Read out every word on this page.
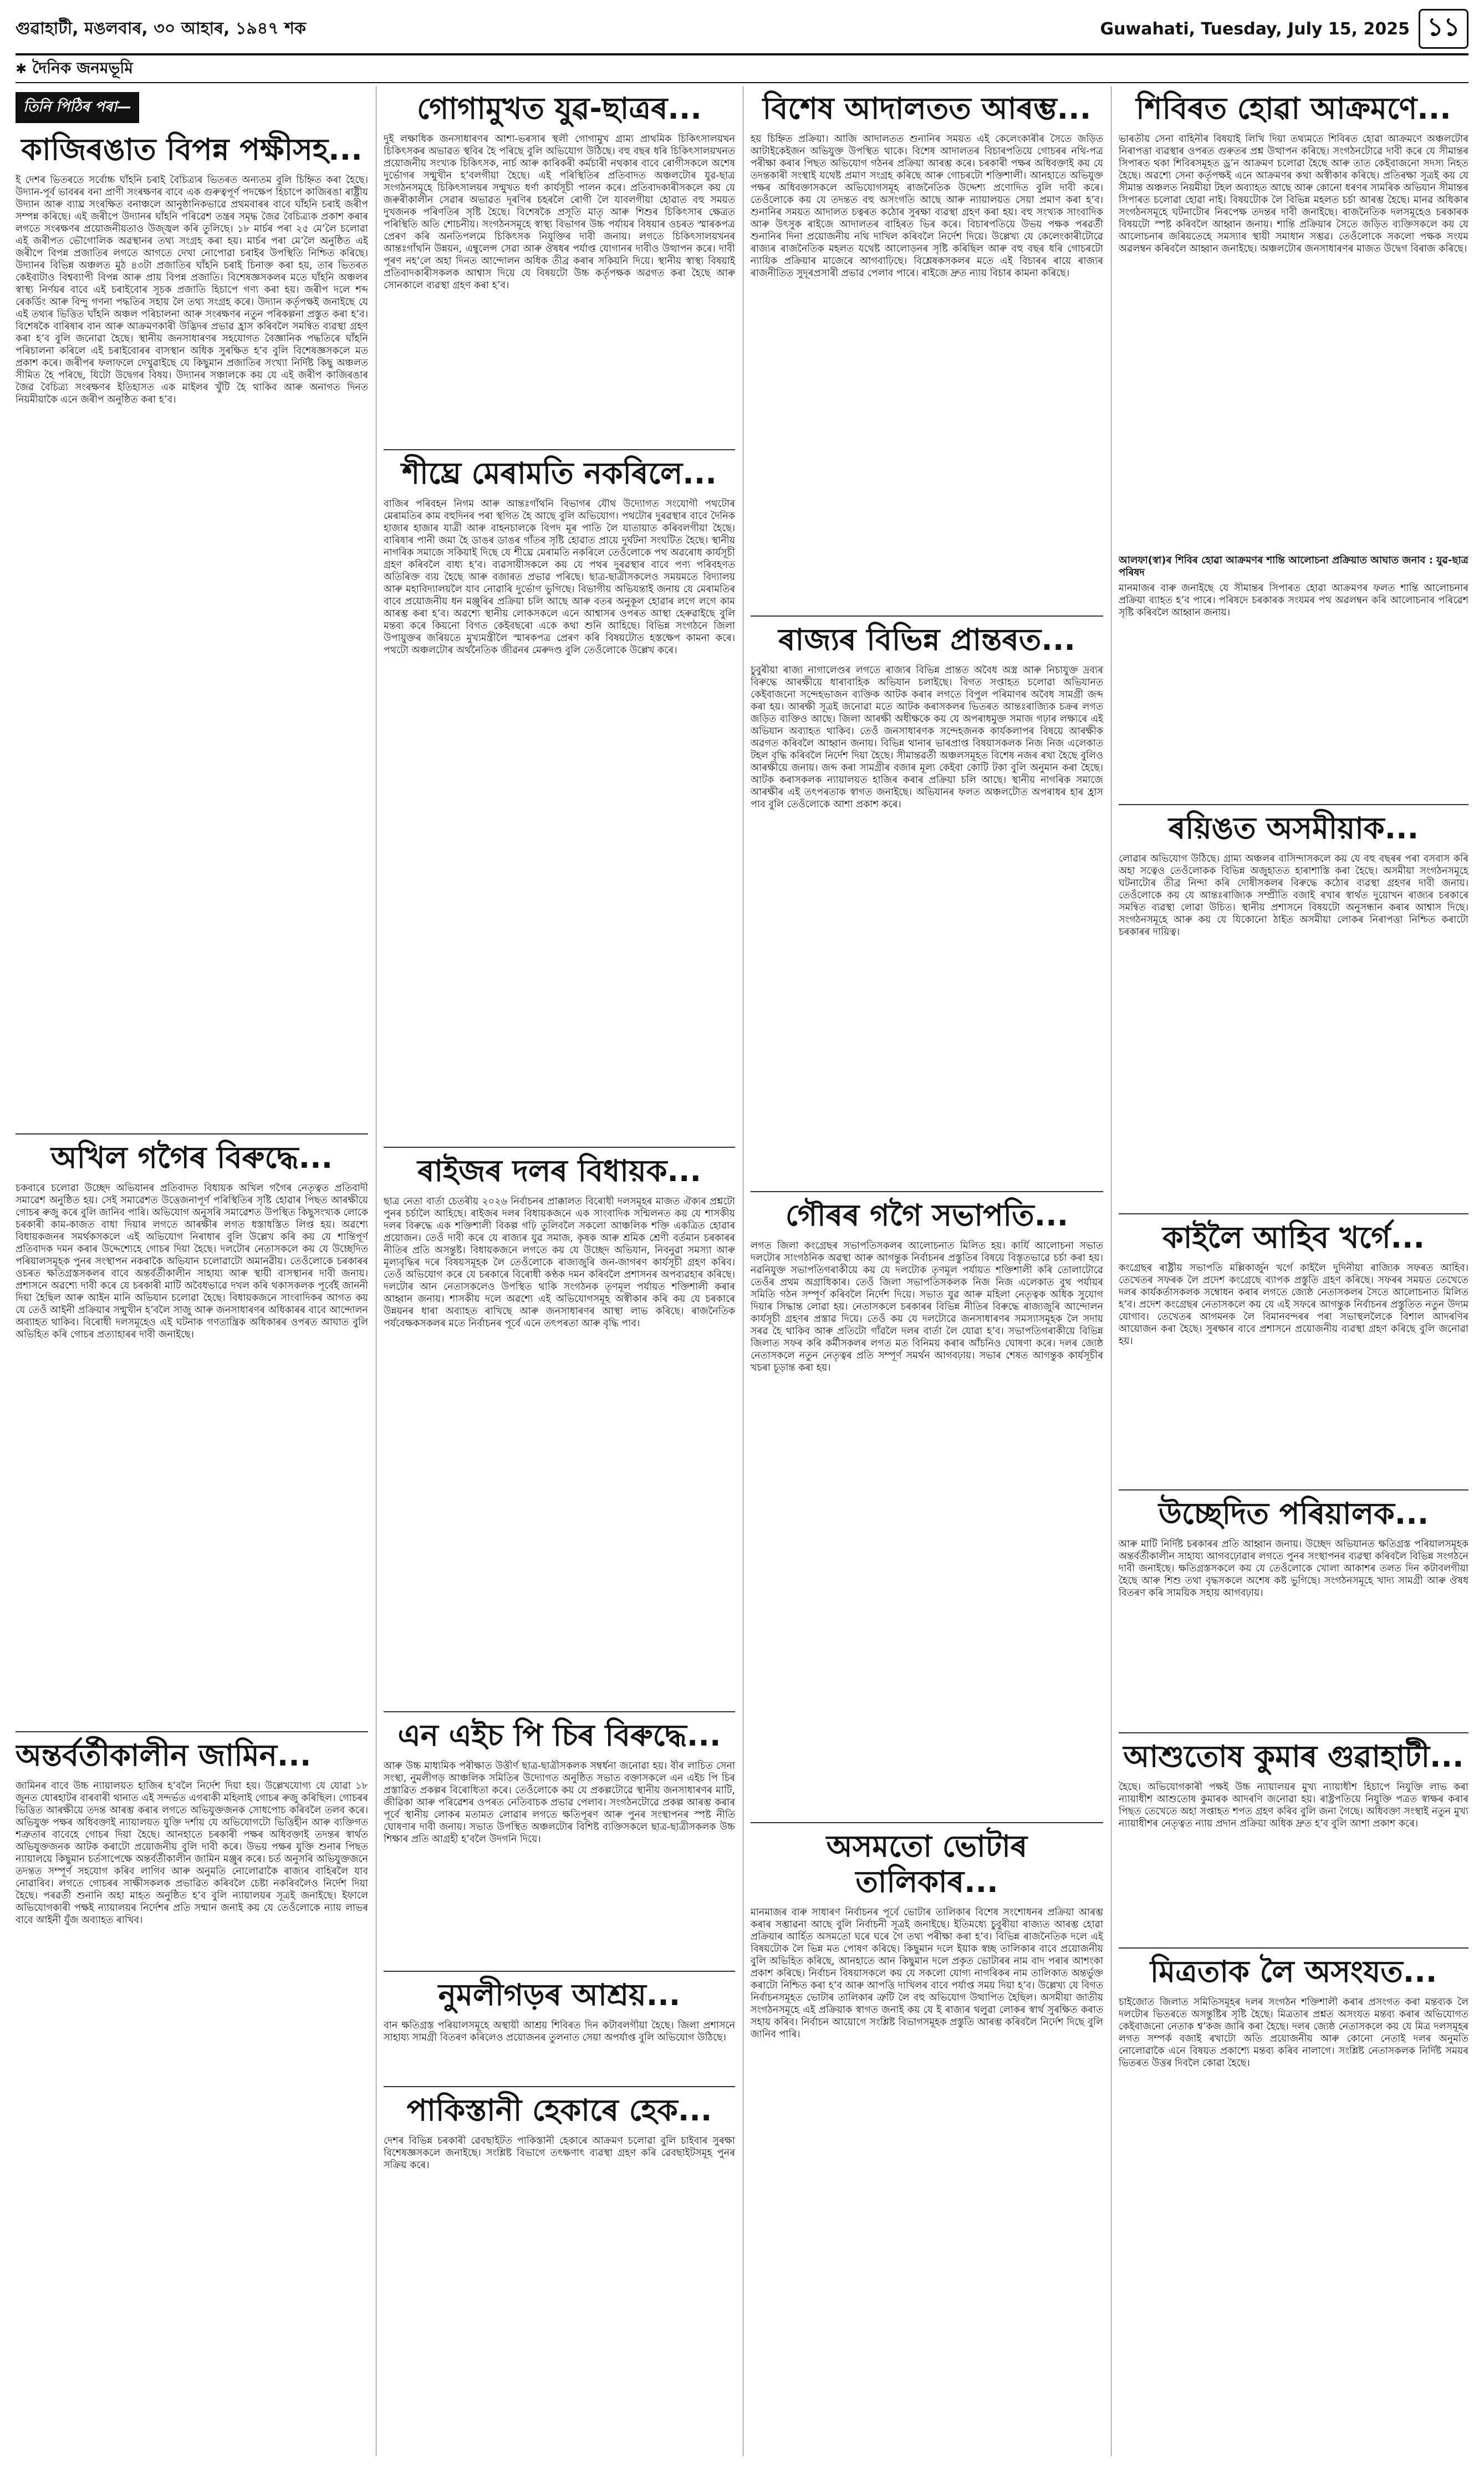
গুৱাহাটী, মঙলবাৰ, ৩০ আহাৰ, ১৯৪৭ শক	Guwahati, Tuesday, July 15, 2025 ১১
✱ দৈনিক জনমভূমি
তিনি পিঠিৰ পৰা—
কাজিৰঙাত বিপন্ন পক্ষীসহ...

ই দেশৰ ভিতৰতে সৰ্বোচ্চ ঘাঁহনি চৰাই বৈচিত্ৰ্যৰ ভিতৰত অন্যতম বুলি চিহ্নিত কৰা হৈছে। উদ্যান-পূৰ্ব ভাবৰৰ বনা প্ৰাণী সংৰক্ষণৰ বাবে এক গুৰুত্বপূৰ্ণ পদক্ষেপ হিচাপে কাজিৰঙা ৰাষ্ট্ৰীয় উদ্যান আৰু ব্যাঘ্ৰ সংৰক্ষিত বনাঞ্চলে আনুষ্ঠানিকভাৱে প্ৰথমবাৰৰ বাবে ঘাঁহনি চৰাই জৰীপ সম্পন্ন কৰিছে। এই জৰীপে উদ্যানৰ ঘাঁহনি পৰিৱেশ তন্ত্ৰৰ সমৃদ্ধ জৈৱ বৈচিত্ৰ্যক প্ৰকাশ কৰাৰ লগতে সংৰক্ষণৰ প্ৰয়োজনীয়তাও উজ্জ্বল কৰি তুলিছে। ১৮ মাৰ্চৰ পৰা ২৫ মে’লৈ চলোৱা এই জৰীপত ভৌগোলিক অৱস্থানৰ তথ্য সংগ্ৰহ কৰা হয়। মাৰ্চৰ পৰা মে’লৈ অনুষ্ঠিত এই জৰীপে বিপন্ন প্ৰজাতিৰ লগতে আগতে দেখা নোপোৱা চৰাইৰ উপস্থিতি নিশ্চিত কৰিছে। উদ্যানৰ বিভিন্ন অঞ্চলত মুঠ ৪৩টা প্ৰজাতিৰ ঘাঁহনি চৰাই চিনাক্ত কৰা হয়, তাৰ ভিতৰত কেইবাটাও বিশ্বব্যাপী বিপন্ন আৰু প্ৰায় বিপন্ন প্ৰজাতি। বিশেষজ্ঞসকলৰ মতে ঘাঁহনি অঞ্চলৰ স্বাস্থ্য নিৰ্ণয়ৰ বাবে এই চৰাইবোৰ সূচক প্ৰজাতি হিচাপে গণ্য কৰা হয়। জৰীপ দলে শব্দ ৰেকৰ্ডিং আৰু বিন্দু গণনা পদ্ধতিৰ সহায় লৈ তথ্য সংগ্ৰহ কৰে। উদ্যান কৰ্তৃপক্ষই জনাইছে যে এই তথ্যৰ ভিত্তিত ঘাঁহনি অঞ্চল পৰিচালনা আৰু সংৰক্ষণৰ নতুন পৰিকল্পনা প্ৰস্তুত কৰা হ’ব। বিশেষকৈ বাৰিষাৰ বান আৰু আক্ৰমণকাৰী উদ্ভিদৰ প্ৰভাৱ হ্ৰাস কৰিবলৈ সমন্বিত ব্যৱস্থা গ্ৰহণ কৰা হ’ব বুলি জনোৱা হৈছে। স্থানীয় জনসাধাৰণৰ সহযোগত বৈজ্ঞানিক পদ্ধতিৰে ঘাঁহনি পৰিচালনা কৰিলে এই চৰাইবোৰৰ বাসস্থান অধিক সুৰক্ষিত হ’ব বুলি বিশেষজ্ঞসকলে মত প্ৰকাশ কৰে। জৰীপৰ ফলাফলে দেখুৱাইছে যে কিছুমান প্ৰজাতিৰ সংখ্যা নিৰ্দিষ্ট কিছু অঞ্চলত সীমিত হৈ পৰিছে, যিটো উদ্বেগৰ বিষয়। উদ্যানৰ সঞ্চালকে কয় যে এই জৰীপ কাজিৰঙাৰ জৈৱ বৈচিত্ৰ্য সংৰক্ষণৰ ইতিহাসত এক মাইলৰ খুঁটি হৈ থাকিব আৰু অনাগত দিনত নিয়মীয়াকৈ এনে জৰীপ অনুষ্ঠিত কৰা হ’ব।

অখিল গগৈৰ বিৰুদ্ধে...

চকবাৰে চলোৱা উচ্ছেদ অভিযানৰ প্ৰতিবাদত বিধায়ক অখিল গগৈৰ নেতৃত্বত প্ৰতিবাদী সমাৱেশ অনুষ্ঠিত হয়। সেই সমাৱেশত উত্তেজনাপূৰ্ণ পৰিস্থিতিৰ সৃষ্টি হোৱাৰ পিছত আৰক্ষীয়ে গোচৰ ৰুজু কৰে বুলি জানিব পাৰি। অভিযোগ অনুসৰি সমাৱেশত উপস্থিত কিছুসংখ্যক লোকে চৰকাৰী কাম-কাজত বাধা দিয়াৰ লগতে আৰক্ষীৰ লগত ধস্তাধস্তিত লিপ্ত হয়। অৱশ্যে বিধায়কজনৰ সমৰ্থকসকলে এই অভিযোগ নিৰাধাৰ বুলি উল্লেখ কৰি কয় যে শান্তিপূৰ্ণ প্ৰতিবাদক দমন কৰাৰ উদ্দেশ্যেহে গোচৰ দিয়া হৈছে। দলটোৰ নেতাসকলে কয় যে উচ্ছেদিত পৰিয়ালসমূহক পুনৰ সংস্থাপন নকৰাকৈ অভিযান চলোৱাটো অমানৱীয়। তেওঁলোকে চৰকাৰৰ ওচৰত ক্ষতিগ্ৰস্তসকলৰ বাবে অন্তৰ্বৰ্তীকালীন সাহায্য আৰু স্থায়ী বাসস্থানৰ দাবী জনায়। প্ৰশাসনে অৱশ্যে দাবী কৰে যে চৰকাৰী মাটি অবৈধভাৱে দখল কৰি থকাসকলক পূৰ্বেই জাননী দিয়া হৈছিল আৰু আইন মানি অভিযান চলোৱা হৈছে। বিধায়কজনে সাংবাদিকৰ আগত কয় যে তেওঁ আইনী প্ৰক্ৰিয়াৰ সন্মুখীন হ’বলৈ সাজু আৰু জনসাধাৰণৰ অধিকাৰৰ বাবে আন্দোলন অব্যাহত থাকিব। বিৰোধী দলসমূহেও এই ঘটনাক গণতান্ত্ৰিক অধিকাৰৰ ওপৰত আঘাত বুলি অভিহিত কৰি গোচৰ প্ৰত্যাহাৰৰ দাবী জনাইছে।

অন্তৰ্বৰ্তীকালীন জামিন...

জামিনৰ বাবে উচ্চ ন্যায়ালয়ত হাজিৰ হ’বলৈ নিৰ্দেশ দিয়া হয়। উল্লেখযোগ্য যে যোৱা ১৮ জুনত যোৰহাটৰ বাৰবাৰী থানাত এই সন্দৰ্ভত এগৰাকী মহিলাই গোচৰ ৰুজু কৰিছিল। গোচৰৰ ভিত্তিত আৰক্ষীয়ে তদন্ত আৰম্ভ কৰাৰ লগতে অভিযুক্তজনক সোধপোচ কৰিবলৈ তলব কৰে। অভিযুক্ত পক্ষৰ অধিবক্তাই ন্যায়ালয়ত যুক্তি দৰ্শায় যে অভিযোগটো ভিত্তিহীন আৰু ব্যক্তিগত শত্ৰুতাৰ বাবেহে গোচৰ দিয়া হৈছে। আনহাতে চৰকাৰী পক্ষৰ অধিবক্তাই তদন্তৰ স্বাৰ্থত অভিযুক্তজনক আটক কৰাটো প্ৰয়োজনীয় বুলি দাবী কৰে। উভয় পক্ষৰ যুক্তি শুনাৰ পিছত ন্যায়ালয়ে কিছুমান চৰ্তসাপেক্ষে অন্তৰ্বৰ্তীকালীন জামিন মঞ্জুৰ কৰে। চৰ্ত অনুসৰি অভিযুক্তজনে তদন্তত সম্পূৰ্ণ সহযোগ কৰিব লাগিব আৰু অনুমতি নোলোৱাকৈ ৰাজ্যৰ বাহিৰলৈ যাব নোৱাৰিব। লগতে গোচৰৰ সাক্ষীসকলক প্ৰভাৱিত কৰিবলৈ চেষ্টা নকৰিবলৈও নিৰ্দেশ দিয়া হৈছে। পৰৱৰ্তী শুনানি অহা মাহত অনুষ্ঠিত হ’ব বুলি ন্যায়ালয়ৰ সূত্ৰই জনাইছে। ইফালে অভিযোগকাৰী পক্ষই ন্যায়ালয়ৰ নিৰ্দেশৰ প্ৰতি সন্মান জনাই কয় যে তেওঁলোকে ন্যায় লাভৰ বাবে আইনী যুঁজ অব্যাহত ৰাখিব।

গোগামুখত যুৱ-ছাত্ৰৰ...

দুই লক্ষাধিক জনসাধাৰণৰ আশা-ভৰসাৰ স্থলী গোগামুখ গ্ৰাম্য প্ৰাথমিক চিকিৎসালয়খন চিকিৎসকৰ অভাৱত স্থবিৰ হৈ পৰিছে বুলি অভিযোগ উঠিছে। বহু বছৰ ধৰি চিকিৎসালয়খনত প্ৰয়োজনীয় সংখ্যক চিকিৎসক, নাৰ্চ আৰু কাৰিকৰী কৰ্মচাৰী নথকাৰ বাবে ৰোগীসকলে অশেষ দুৰ্ভোগৰ সন্মুখীন হ’বলগীয়া হৈছে। এই পৰিস্থিতিৰ প্ৰতিবাদত অঞ্চলটোৰ যুৱ-ছাত্ৰ সংগঠনসমূহে চিকিৎসালয়ৰ সন্মুখত ধৰ্ণা কাৰ্যসূচী পালন কৰে। প্ৰতিবাদকাৰীসকলে কয় যে জৰুৰীকালীন সেৱাৰ অভাৱত দূৰণিৰ চহৰলৈ ৰোগী লৈ যাবলগীয়া হোৱাত বহু সময়ত দুখজনক পৰিণতিৰ সৃষ্টি হৈছে। বিশেষকৈ প্ৰসূতি মাতৃ আৰু শিশুৰ চিকিৎসাৰ ক্ষেত্ৰত পৰিস্থিতি অতি শোচনীয়। সংগঠনসমূহে স্বাস্থ্য বিভাগৰ উচ্চ পৰ্যায়ৰ বিষয়াৰ ওচৰত স্মাৰকপত্ৰ প্ৰেৰণ কৰি অনতিপলমে চিকিৎসক নিযুক্তিৰ দাবী জনায়। লগতে চিকিৎসালয়খনৰ আন্তঃগাঁথনি উন্নয়ন, এম্বুলেন্স সেৱা আৰু ঔষধৰ পৰ্যাপ্ত যোগানৰ দাবীও উত্থাপন কৰে। দাবী পূৰণ নহ’লে অহা দিনত আন্দোলন অধিক তীব্ৰ কৰাৰ সকিয়নি দিয়ে। স্থানীয় স্বাস্থ্য বিষয়াই প্ৰতিবাদকাৰীসকলক আশ্বাস দিয়ে যে বিষয়টো উচ্চ কৰ্তৃপক্ষক অৱগত কৰা হৈছে আৰু সোনকালে ব্যৱস্থা গ্ৰহণ কৰা হ’ব।

শীঘ্ৰে মেৰামতি নকৰিলে...

বাজিৰ পৰিবহন নিগম আৰু আন্তঃগাঁথনি বিভাগৰ যৌথ উদ্যোগত সংযোগী পথটোৰ মেৰামতিৰ কাম বহুদিনৰ পৰা স্থগিত হৈ আছে বুলি অভিযোগ। পথটোৰ দুৰৱস্থাৰ বাবে দৈনিক হাজাৰ হাজাৰ যাত্ৰী আৰু বাহনচালকে বিপদ মূৰ পাতি লৈ যাতায়াত কৰিবলগীয়া হৈছে। বাৰিষাৰ পানী জমা হৈ ডাঙৰ ডাঙৰ গাঁতৰ সৃষ্টি হোৱাত প্ৰায়ে দুৰ্ঘটনা সংঘটিত হৈছে। স্থানীয় নাগৰিক সমাজে সকিয়াই দিছে যে শীঘ্ৰে মেৰামতি নকৰিলে তেওঁলোকে পথ অৱৰোধ কাৰ্যসূচী গ্ৰহণ কৰিবলৈ বাধ্য হ’ব। ব্যৱসায়ীসকলে কয় যে পথৰ দুৰৱস্থাৰ বাবে পণ্য পৰিবহণত অতিৰিক্ত ব্যয় হৈছে আৰু বজাৰত প্ৰভাৱ পৰিছে। ছাত্ৰ-ছাত্ৰীসকলেও সময়মতে বিদ্যালয় আৰু মহাবিদ্যালয়লৈ যাব নোৱাৰি দুৰ্ভোগ ভুগিছে। বিভাগীয় অভিযন্তাই জনায় যে মেৰামতিৰ বাবে প্ৰয়োজনীয় ধন মঞ্জুৰিৰ প্ৰক্ৰিয়া চলি আছে আৰু বতৰ অনুকূল হোৱাৰ লগে লগে কাম আৰম্ভ কৰা হ’ব। অৱশ্যে স্থানীয় লোকসকলে এনে আশ্বাসৰ ওপৰত আস্থা হেৰুৱাইছে বুলি মন্তব্য কৰে কিয়নো বিগত কেইবছৰো একে কথা শুনি আহিছে। বিভিন্ন সংগঠনে জিলা উপায়ুক্তৰ জৰিয়তে মুখ্যমন্ত্ৰীলৈ স্মাৰকপত্ৰ প্ৰেৰণ কৰি বিষয়টোত হস্তক্ষেপ কামনা কৰে। পথটো অঞ্চলটোৰ অৰ্থনৈতিক জীৱনৰ মেৰুদণ্ড বুলি তেওঁলোকে উল্লেখ কৰে।

ৰাইজৰ দলৰ বিধায়ক...

ছাত্ৰ নেতা বাৰ্তা চেতৰীয় ২০২৬ নিৰ্বাচনৰ প্ৰাক্কালত বিৰোধী দলসমূহৰ মাজত ঐক্যৰ প্ৰশ্নটো পুনৰ চৰ্চালৈ আহিছে। ৰাইজৰ দলৰ বিধায়কজনে এক সাংবাদিক সন্মিলনত কয় যে শাসকীয় দলৰ বিৰুদ্ধে এক শক্তিশালী বিকল্প গঢ়ি তুলিবলৈ সকলো আঞ্চলিক শক্তি একত্ৰিত হোৱাৰ প্ৰয়োজন। তেওঁ দাবী কৰে যে ৰাজ্যৰ যুৱ সমাজ, কৃষক আৰু শ্ৰমিক শ্ৰেণী বৰ্তমান চৰকাৰৰ নীতিৰ প্ৰতি অসন্তুষ্ট। বিধায়কজনে লগতে কয় যে উচ্ছেদ অভিযান, নিবনুৱা সমস্যা আৰু মূল্যবৃদ্ধিৰ দৰে বিষয়সমূহক লৈ তেওঁলোকে ৰাজ্যজুৰি জন-জাগৰণ কাৰ্যসূচী গ্ৰহণ কৰিব। তেওঁ অভিযোগ কৰে যে চৰকাৰে বিৰোধী কণ্ঠক দমন কৰিবলৈ প্ৰশাসনৰ অপব্যৱহাৰ কৰিছে। দলটোৰ আন নেতাসকলেও উপস্থিত থাকি সংগঠনক তৃণমূল পৰ্যায়ত শক্তিশালী কৰাৰ আহ্বান জনায়। শাসকীয় দলে অৱশ্যে এই অভিযোগসমূহ অস্বীকাৰ কৰি কয় যে চৰকাৰে উন্নয়নৰ ধাৰা অব্যাহত ৰাখিছে আৰু জনসাধাৰণৰ আস্থা লাভ কৰিছে। ৰাজনৈতিক পৰ্যবেক্ষকসকলৰ মতে নিৰ্বাচনৰ পূৰ্বে এনে তৎপৰতা আৰু বৃদ্ধি পাব।

এন এইচ পি চিৰ বিৰুদ্ধে...

আৰু উচ্চ মাধ্যমিক পৰীক্ষাত উত্তীৰ্ণ ছাত্ৰ-ছাত্ৰীসকলক সম্বৰ্ধনা জনোৱা হয়। বীৰ লাচিত সেনা সংস্থা, নুমলীগড় আঞ্চলিক সমিতিৰ উদ্যোগত অনুষ্ঠিত সভাত বক্তাসকলে এন এইচ পি চিৰ প্ৰস্তাৱিত প্ৰকল্পৰ বিৰোধিতা কৰে। তেওঁলোকে কয় যে প্ৰকল্পটোৱে স্থানীয় জনসাধাৰণৰ মাটি, জীৱিকা আৰু পৰিৱেশৰ ওপৰত নেতিবাচক প্ৰভাৱ পেলাব। সংগঠনটোৱে প্ৰকল্প আৰম্ভ কৰাৰ পূৰ্বে স্থানীয় লোকৰ মতামত লোৱাৰ লগতে ক্ষতিপূৰণ আৰু পুনৰ সংস্থাপনৰ স্পষ্ট নীতি ঘোষণাৰ দাবী জনায়। সভাত উপস্থিত অঞ্চলটোৰ বিশিষ্ট ব্যক্তিসকলে ছাত্ৰ-ছাত্ৰীসকলক উচ্চ শিক্ষাৰ প্ৰতি আগ্ৰহী হ’বলৈ উদগনি দিয়ে।

নুমলীগড়ৰ আশ্ৰয়...

বান ক্ষতিগ্ৰস্ত পৰিয়ালসমূহে অস্থায়ী আশ্ৰয় শিবিৰত দিন কটাবলগীয়া হৈছে। জিলা প্ৰশাসনে সাহায্য সামগ্ৰী বিতৰণ কৰিলেও প্ৰয়োজনৰ তুলনাত সেয়া অপৰ্যাপ্ত বুলি অভিযোগ উঠিছে।

পাকিস্তানী হেকাৰে হেক...

দেশৰ বিভিন্ন চৰকাৰী ৱেবছাইটত পাকিস্তানী হেকাৰে আক্ৰমণ চলোৱা বুলি চাইবাৰ সুৰক্ষা বিশেষজ্ঞসকলে জনাইছে। সংশ্লিষ্ট বিভাগে তৎক্ষণাৎ ব্যৱস্থা গ্ৰহণ কৰি ৱেবছাইটসমূহ পুনৰ সক্ৰিয় কৰে।

বিশেষ আদালতত আৰম্ভ...

হয় চিহ্নিত প্ৰক্ৰিয়া। আজি আদালতত শুনানিৰ সময়ত এই কেলেংকাৰীৰ সৈতে জড়িত আটাইকেইজন অভিযুক্ত উপস্থিত থাকে। বিশেষ আদালতৰ বিচাৰপতিয়ে গোচৰৰ নথি-পত্ৰ পৰীক্ষা কৰাৰ পিছত অভিযোগ গঠনৰ প্ৰক্ৰিয়া আৰম্ভ কৰে। চৰকাৰী পক্ষৰ অধিবক্তাই কয় যে তদন্তকাৰী সংস্থাই যথেষ্ট প্ৰমাণ সংগ্ৰহ কৰিছে আৰু গোচৰটো শক্তিশালী। আনহাতে অভিযুক্ত পক্ষৰ অধিবক্তাসকলে অভিযোগসমূহ ৰাজনৈতিক উদ্দেশ্য প্ৰণোদিত বুলি দাবী কৰে। তেওঁলোকে কয় যে তদন্তত বহু অসংগতি আছে আৰু ন্যায়ালয়ত সেয়া প্ৰমাণ কৰা হ’ব। শুনানিৰ সময়ত আদালত চত্বৰত কঠোৰ সুৰক্ষা ব্যৱস্থা গ্ৰহণ কৰা হয়। বহু সংখ্যক সাংবাদিক আৰু উৎসুক ৰাইজে আদালতৰ বাহিৰত ভিৰ কৰে। বিচাৰপতিয়ে উভয় পক্ষক পৰৱৰ্তী শুনানিৰ দিনা প্ৰয়োজনীয় নথি দাখিল কৰিবলৈ নিৰ্দেশ দিয়ে। উল্লেখ্য যে কেলেংকাৰীটোৱে ৰাজ্যৰ ৰাজনৈতিক মহলত যথেষ্ট আলোড়নৰ সৃষ্টি কৰিছিল আৰু বহু বছৰ ধৰি গোচৰটো ন্যায়িক প্ৰক্ৰিয়াৰ মাজেৰে আগবাঢ়িছে। বিশ্লেষকসকলৰ মতে এই বিচাৰৰ ৰায়ে ৰাজ্যৰ ৰাজনীতিত সুদূৰপ্ৰসাৰী প্ৰভাৱ পেলাব পাৰে। ৰাইজে দ্ৰুত ন্যায় বিচাৰ কামনা কৰিছে।

ৰাজ্যৰ বিভিন্ন প্ৰান্তৰত...

চুবুৰীয়া ৰাজ্য নাগালেণ্ডৰ লগতে ৰাজ্যৰ বিভিন্ন প্ৰান্তত অবৈধ অস্ত্ৰ আৰু নিচাযুক্ত দ্ৰব্যৰ বিৰুদ্ধে আৰক্ষীয়ে ধাৰাবাহিক অভিযান চলাইছে। বিগত সপ্তাহত চলোৱা অভিযানত কেইবাজনো সন্দেহভাজন ব্যক্তিক আটক কৰাৰ লগতে বিপুল পৰিমাণৰ অবৈধ সামগ্ৰী জব্দ কৰা হয়। আৰক্ষী সূত্ৰই জনোৱা মতে আটক কৰাসকলৰ ভিতৰত আন্তঃৰাজ্যিক চক্ৰৰ লগত জড়িত ব্যক্তিও আছে। জিলা আৰক্ষী অধীক্ষকে কয় যে অপৰাধমুক্ত সমাজ গঢ়াৰ লক্ষ্যৰে এই অভিযান অব্যাহত থাকিব। তেওঁ জনসাধাৰণক সন্দেহজনক কাৰ্যকলাপৰ বিষয়ে আৰক্ষীক অৱগত কৰিবলৈ আহ্বান জনায়। বিভিন্ন থানাৰ ভাৰপ্ৰাপ্ত বিষয়াসকলক নিজ নিজ এলেকাত টহল বৃদ্ধি কৰিবলৈ নিৰ্দেশ দিয়া হৈছে। সীমান্তৱৰ্তী অঞ্চলসমূহত বিশেষ নজৰ ৰখা হৈছে বুলিও আৰক্ষীয়ে জনায়। জব্দ কৰা সামগ্ৰীৰ বজাৰ মূল্য কেইবা কোটি টকা বুলি অনুমান কৰা হৈছে। আটক কৰাসকলক ন্যায়ালয়ত হাজিৰ কৰাৰ প্ৰক্ৰিয়া চলি আছে। স্থানীয় নাগৰিক সমাজে আৰক্ষীৰ এই তৎপৰতাক স্বাগত জনাইছে। অভিযানৰ ফলত অঞ্চলটোত অপৰাধৰ হাৰ হ্ৰাস পাব বুলি তেওঁলোকে আশা প্ৰকাশ কৰে।

গৌৰৰ গগৈ সভাপতি...

লগত জিলা কংগ্ৰেছৰ সভাপতিসকলৰ আলোচনাত মিলিত হয়। কাৰ্যি আলোচনা সভাত দলটোৰ সাংগঠনিক অৱস্থা আৰু আগন্তুক নিৰ্বাচনৰ প্ৰস্তুতিৰ বিষয়ে বিস্তৃতভাৱে চৰ্চা কৰা হয়। নৱনিযুক্ত সভাপতিগৰাকীয়ে কয় যে দলটোক তৃণমূল পৰ্যায়ত শক্তিশালী কৰি তোলাটোৱে তেওঁৰ প্ৰথম অগ্ৰাধিকাৰ। তেওঁ জিলা সভাপতিসকলক নিজ নিজ এলেকাত বুথ পৰ্যায়ৰ সমিতি গঠন সম্পূৰ্ণ কৰিবলৈ নিৰ্দেশ দিয়ে। সভাত যুৱ আৰু মহিলা নেতৃত্বক অধিক সুযোগ দিয়াৰ সিদ্ধান্ত লোৱা হয়। নেতাসকলে চৰকাৰৰ বিভিন্ন নীতিৰ বিৰুদ্ধে ৰাজ্যজুৰি আন্দোলন কাৰ্যসূচী গ্ৰহণৰ প্ৰস্তাৱ দিয়ে। তেওঁ কয় যে দলটোৱে জনসাধাৰণৰ সমস্যাসমূহক লৈ সদায় সৰৱ হৈ থাকিব আৰু প্ৰতিটো গাঁৱলৈ দলৰ বাৰ্তা লৈ যোৱা হ’ব। সভাপতিগৰাকীয়ে বিভিন্ন জিলাত সফৰ কৰি কৰ্মীসকলৰ লগত মত বিনিময় কৰাৰ আঁচনিও ঘোষণা কৰে। দলৰ জ্যেষ্ঠ নেতাসকলে নতুন নেতৃত্বৰ প্ৰতি সম্পূৰ্ণ সমৰ্থন আগবঢ়ায়। সভাৰ শেষত আগন্তুক কাৰ্যসূচীৰ খচৰা চূড়ান্ত কৰা হয়।

অসমতো ভোটাৰ তালিকাৰ...

মানমাজৰ বাৰু সাধাৰণ নিৰ্বাচনৰ পূৰ্বে ভোটাৰ তালিকাৰ বিশেষ সংশোধনৰ প্ৰক্ৰিয়া আৰম্ভ কৰাৰ সম্ভাৱনা আছে বুলি নিৰ্বাচনী সূত্ৰই জনাইছে। ইতিমধ্যে চুবুৰীয়া ৰাজ্যত আৰম্ভ হোৱা প্ৰক্ৰিয়াৰ আৰ্হিত অসমতো ঘৰে ঘৰে গৈ তথ্য পৰীক্ষা কৰা হ’ব। বিভিন্ন ৰাজনৈতিক দলে এই বিষয়টোক লৈ ভিন্ন মত পোষণ কৰিছে। কিছুমান দলে ইয়াক স্বচ্ছ তালিকাৰ বাবে প্ৰয়োজনীয় বুলি অভিহিত কৰিছে, আনহাতে আন কিছুমান দলে প্ৰকৃত ভোটাৰৰ নাম বাদ পৰাৰ আশংকা প্ৰকাশ কৰিছে। নিৰ্বাচন বিষয়াসকলে কয় যে সকলো যোগ্য নাগৰিকৰ নাম তালিকাত অন্তৰ্ভুক্ত কৰাটো নিশ্চিত কৰা হ’ব আৰু আপত্তি দাখিলৰ বাবে পৰ্যাপ্ত সময় দিয়া হ’ব। উল্লেখ্য যে বিগত নিৰ্বাচনসমূহত ভোটাৰ তালিকাৰ ত্ৰুটি লৈ বহু অভিযোগ উত্থাপিত হৈছিল। অসমীয়া জাতীয় সংগঠনসমূহে এই প্ৰক্ৰিয়াক স্বাগত জনাই কয় যে ই ৰাজ্যৰ থলুৱা লোকৰ স্বাৰ্থ সুৰক্ষিত কৰাত সহায় কৰিব। নিৰ্বাচন আয়োগে সংশ্লিষ্ট বিভাগসমূহক প্ৰস্তুতি আৰম্ভ কৰিবলৈ নিৰ্দেশ দিছে বুলি জানিব পাৰি।

শিবিৰত হোৱা আক্ৰমণে...

ভাৰতীয় সেনা বাহিনীৰ বিষয়াই লিখি দিয়া তথ্যমতে শিবিৰত হোৱা আক্ৰমণে অঞ্চলটোৰ নিৰাপত্তা ব্যৱস্থাৰ ওপৰত গুৰুতৰ প্ৰশ্ন উত্থাপন কৰিছে। সংগঠনটোৱে দাবী কৰে যে সীমান্তৰ সিপাৰত থকা শিবিৰসমূহত ড্ৰ’ন আক্ৰমণ চলোৱা হৈছে আৰু তাত কেইবাজনো সদস্য নিহত হৈছে। অৱশ্যে সেনা কৰ্তৃপক্ষই এনে আক্ৰমণৰ কথা অস্বীকাৰ কৰিছে। প্ৰতিৰক্ষা সূত্ৰই কয় যে সীমান্ত অঞ্চলত নিয়মীয়া টহল অব্যাহত আছে আৰু কোনো ধৰণৰ সামৰিক অভিযান সীমান্তৰ সিপাৰত চলোৱা হোৱা নাই। বিষয়টোক লৈ বিভিন্ন মহলত চৰ্চা আৰম্ভ হৈছে। মানৱ অধিকাৰ সংগঠনসমূহে ঘটনাটোৰ নিৰপেক্ষ তদন্তৰ দাবী জনাইছে। ৰাজনৈতিক দলসমূহেও চৰকাৰক বিষয়টো স্পষ্ট কৰিবলৈ আহ্বান জনায়। শান্তি প্ৰক্ৰিয়াৰ সৈতে জড়িত ব্যক্তিসকলে কয় যে আলোচনাৰ জৰিয়তেহে সমস্যাৰ স্থায়ী সমাধান সম্ভৱ। তেওঁলোকে সকলো পক্ষক সংযম অৱলম্বন কৰিবলৈ আহ্বান জনাইছে। অঞ্চলটোৰ জনসাধাৰণৰ মাজত উদ্বেগ বিৰাজ কৰিছে।

আলফা(স্বা)ৰ শিবিৰ হোৱা আক্ৰমণৰ শান্তি আলোচনা প্ৰক্ৰিয়াত আঘাত জনাব : যুৱ-ছাত্ৰ পৰিষদ

মানমাজৰ বাৰু জনাইছে যে সীমান্তৰ সিপাৰত হোৱা আক্ৰমণৰ ফলত শান্তি আলোচনাৰ প্ৰক্ৰিয়া ব্যাহত হ’ব পাৰে। পৰিষদে চৰকাৰক সংযমৰ পথ অৱলম্বন কৰি আলোচনাৰ পৰিৱেশ সৃষ্টি কৰিবলৈ আহ্বান জনায়।

ৰয়িঙত অসমীয়াক...

লোৱাৰ অভিযোগ উঠিছে। গ্ৰাম্য অঞ্চলৰ বাসিন্দাসকলে কয় যে বহু বছৰৰ পৰা বসবাস কৰি অহা সত্বেও তেওঁলোকক বিভিন্ন অজুহাতত হাৰাশাস্তি কৰা হৈছে। অসমীয়া সংগঠনসমূহে ঘটনাটোৰ তীব্ৰ নিন্দা কৰি দোষীসকলৰ বিৰুদ্ধে কঠোৰ ব্যৱস্থা গ্ৰহণৰ দাবী জনায়। তেওঁলোকে কয় যে আন্তঃৰাজ্যিক সম্প্ৰীতি বজাই ৰখাৰ স্বাৰ্থত দুয়োখন ৰাজ্যৰ চৰকাৰে সমন্বিত ব্যৱস্থা লোৱা উচিত। স্থানীয় প্ৰশাসনে বিষয়টো অনুসন্ধান কৰাৰ আশ্বাস দিছে। সংগঠনসমূহে আৰু কয় যে যিকোনো ঠাইত অসমীয়া লোকৰ নিৰাপত্তা নিশ্চিত কৰাটো চৰকাৰৰ দায়িত্ব।

কাইলৈ আহিব খৰ্গে...

কংগ্ৰেছৰ ৰাষ্ট্ৰীয় সভাপতি মল্লিকাৰ্জুন খৰ্গে কাইলৈ দুদিনীয়া ৰাজ্যিক সফৰত আহিব। তেখেতৰ সফৰক লৈ প্ৰদেশ কংগ্ৰেছে ব্যাপক প্ৰস্তুতি গ্ৰহণ কৰিছে। সফৰৰ সময়ত তেখেতে দলৰ কাৰ্যকৰ্তাসকলক সম্বোধন কৰাৰ লগতে জ্যেষ্ঠ নেতাসকলৰ সৈতে আলোচনাত মিলিত হ’ব। প্ৰদেশ কংগ্ৰেছৰ নেতাসকলে কয় যে এই সফৰে আগন্তুক নিৰ্বাচনৰ প্ৰস্তুতিত নতুন উদ্যম যোগাব। তেখেতৰ আগমনক লৈ বিমানবন্দৰৰ পৰা সভাস্থললৈকে বিশাল আদৰণিৰ আয়োজন কৰা হৈছে। সুৰক্ষাৰ বাবে প্ৰশাসনে প্ৰয়োজনীয় ব্যৱস্থা গ্ৰহণ কৰিছে বুলি জনোৱা হয়।

উচ্ছেদিত পৰিয়ালক...

আৰু মাটি নিৰ্দিষ্ট চৰকাৰৰ প্ৰতি আহ্বান জনায়। উচ্ছেদ অভিযানত ক্ষতিগ্ৰস্ত পৰিয়ালসমূহক অন্তৰ্বৰ্তীকালীন সাহায্য আগবঢ়োৱাৰ লগতে পুনৰ সংস্থাপনৰ ব্যৱস্থা কৰিবলৈ বিভিন্ন সংগঠনে দাবী জনাইছে। ক্ষতিগ্ৰস্তসকলে কয় যে তেওঁলোকে খোলা আকাশৰ তলত দিন কটাবলগীয়া হৈছে আৰু শিশু তথা বৃদ্ধসকলে অশেষ কষ্ট ভুগিছে। সংগঠনসমূহে খাদ্য সামগ্ৰী আৰু ঔষধ বিতৰণ কৰি সাময়িক সহায় আগবঢ়ায়।

আশুতোষ কুমাৰ গুৱাহাটী...

হৈছে। অভিযোগকাৰী পক্ষই উচ্চ ন্যায়ালয়ৰ মুখ্য ন্যায়াধীশ হিচাপে নিযুক্তি লাভ কৰা ন্যায়াধীশ আশুতোষ কুমাৰক আদৰণি জনোৱা হয়। ৰাষ্ট্ৰপতিয়ে নিযুক্তি পত্ৰত স্বাক্ষৰ কৰাৰ পিছত তেখেতে অহা সপ্তাহত শপত গ্ৰহণ কৰিব বুলি জনা গৈছে। অধিবক্তা সংস্থাই নতুন মুখ্য ন্যায়াধীশৰ নেতৃত্বত ন্যায় প্ৰদান প্ৰক্ৰিয়া অধিক দ্ৰুত হ’ব বুলি আশা প্ৰকাশ কৰে।

মিত্ৰতাক লৈ অসংযত...

চাইজোত জিলাত সমিতিসমূহৰ দলৰ সংগঠন শক্তিশালী কৰাৰ প্ৰসংগত কৰা মন্তব্যক লৈ দলটোৰ ভিতৰতে অসন্তুষ্টিৰ সৃষ্টি হৈছে। মিত্ৰতাৰ প্ৰশ্নত অসংযত মন্তব্য কৰাৰ অভিযোগত কেইবাজনো নেতাক শ্ব’কজ জাৰি কৰা হৈছে। দলৰ জ্যেষ্ঠ নেতাসকলে কয় যে মিত্ৰ দলসমূহৰ লগত সম্পৰ্ক বজাই ৰখাটো অতি প্ৰয়োজনীয় আৰু কোনো নেতাই দলৰ অনুমতি নোলোৱাকৈ এনে বিষয়ত প্ৰকাশ্যে মন্তব্য কৰিব নালাগে। সংশ্লিষ্ট নেতাসকলক নিৰ্দিষ্ট সময়ৰ ভিতৰত উত্তৰ দিবলৈ কোৱা হৈছে।
